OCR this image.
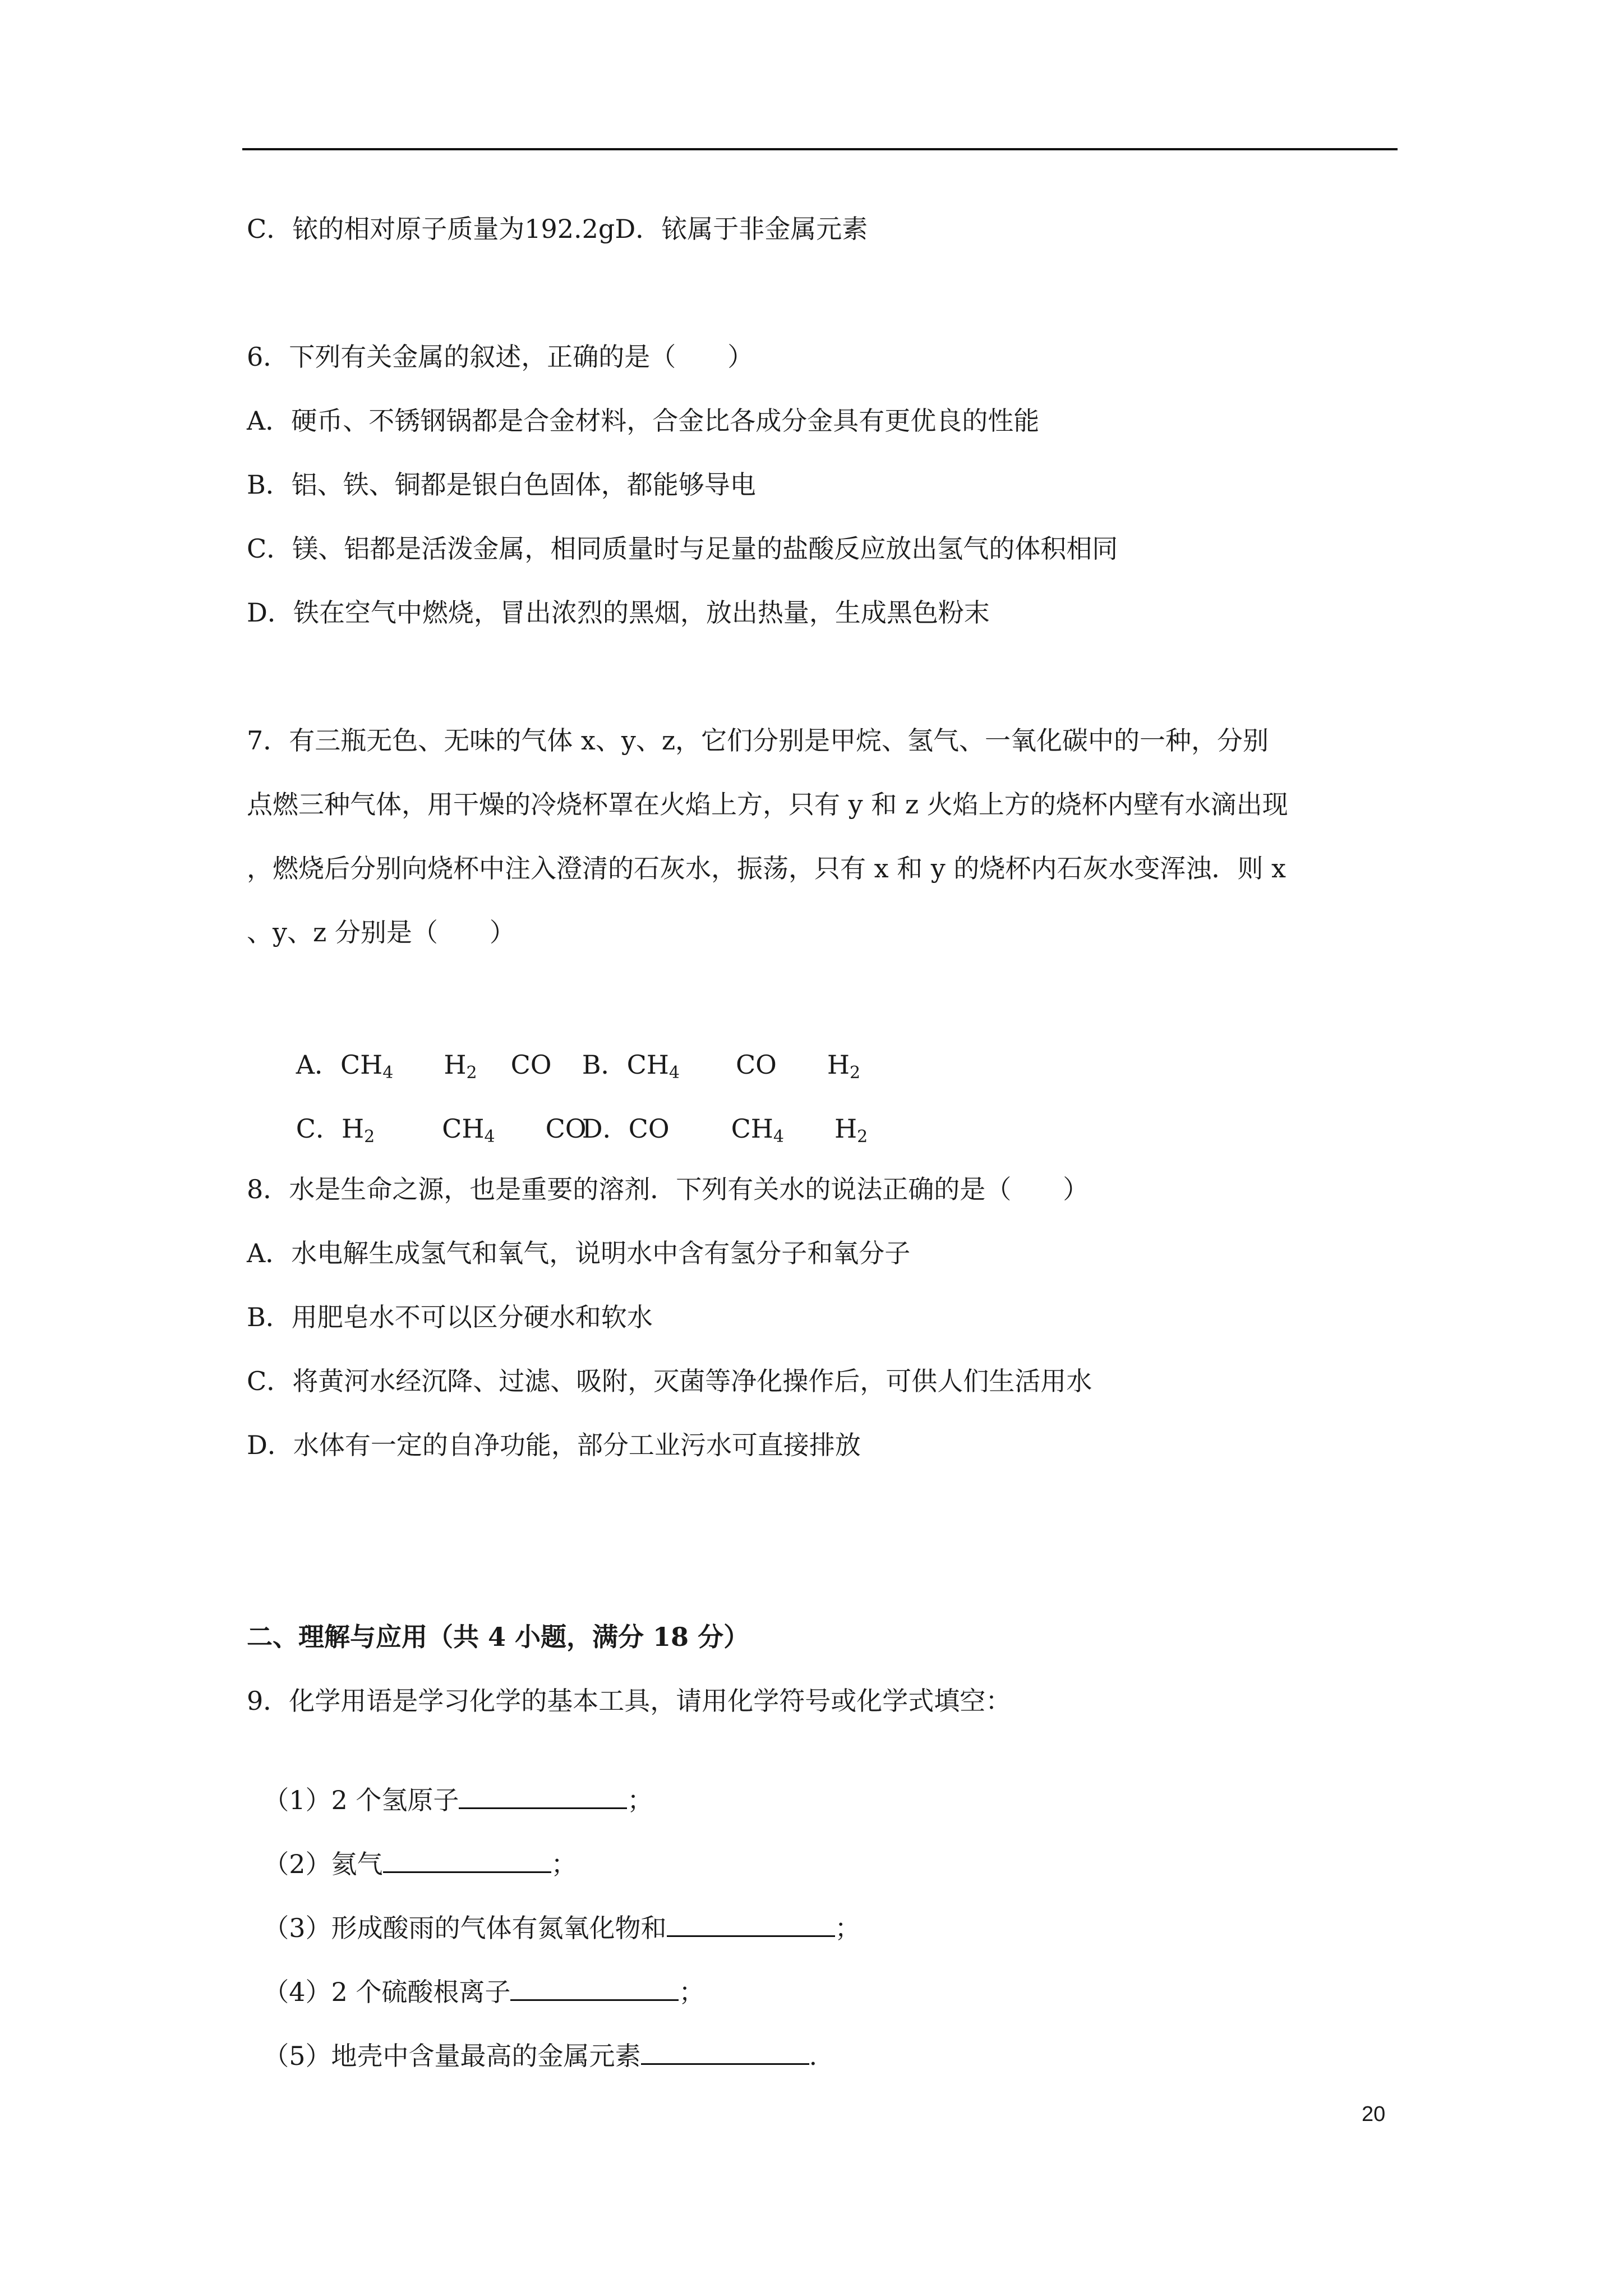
C．铱的相对原子质量为192.2gD．铱属于非金属元素
6．下列有关金属的叙述，正确的是（　　）
A．硬币、不锈钢锅都是合金材料，合金比各成分金具有更优良的性能
B．铝、铁、铜都是银白色固体，都能够导电
C．镁、铝都是活泼金属，相同质量时与足量的盐酸反应放出氢气的体积相同
D．铁在空气中燃烧，冒出浓烈的黑烟，放出热量，生成黑色粉末
7．有三瓶无色、无味的气体 x、y、z，它们分别是甲烷、氢气、一氧化碳中的一种，分别
点燃三种气体，用干燥的冷烧杯罩在火焰上方，只有 y 和 z 火焰上方的烧杯内壁有水滴出现
，燃烧后分别向烧杯中注入澄清的石灰水，振荡，只有 x 和 y 的烧杯内石灰水变浑浊．则 x
、y、z 分别是（　　）

A．$CH_4$ $H_2$ CO
B．$CH_4$ CO $H_2$

C．$H_2$	$CH_4$ CO

D．CO $CH_4$ $H_2$

8．水是生命之源，也是重要的溶剂．下列有关水的说法正确的是（　　）
A．水电解生成氢气和氧气，说明水中含有氢分子和氧分子
B．用肥皂水不可以区分硬水和软水
C．将黄河水经沉降、过滤、吸附，灭菌等净化操作后，可供人们生活用水
D．水体有一定的自净功能，部分工业污水可直接排放
二、理解与应用（共 4 小题，满分 18 分）
9．化学用语是学习化学的基本工具，请用化学符号或化学式填空：

（1）2 个氢原子	；

（2）氦气	；

（3）形成酸雨的气体有氮氧化物和	；

（4）2 个硫酸根离子	；

（5）地壳中含量最高的金属元素	.

20
